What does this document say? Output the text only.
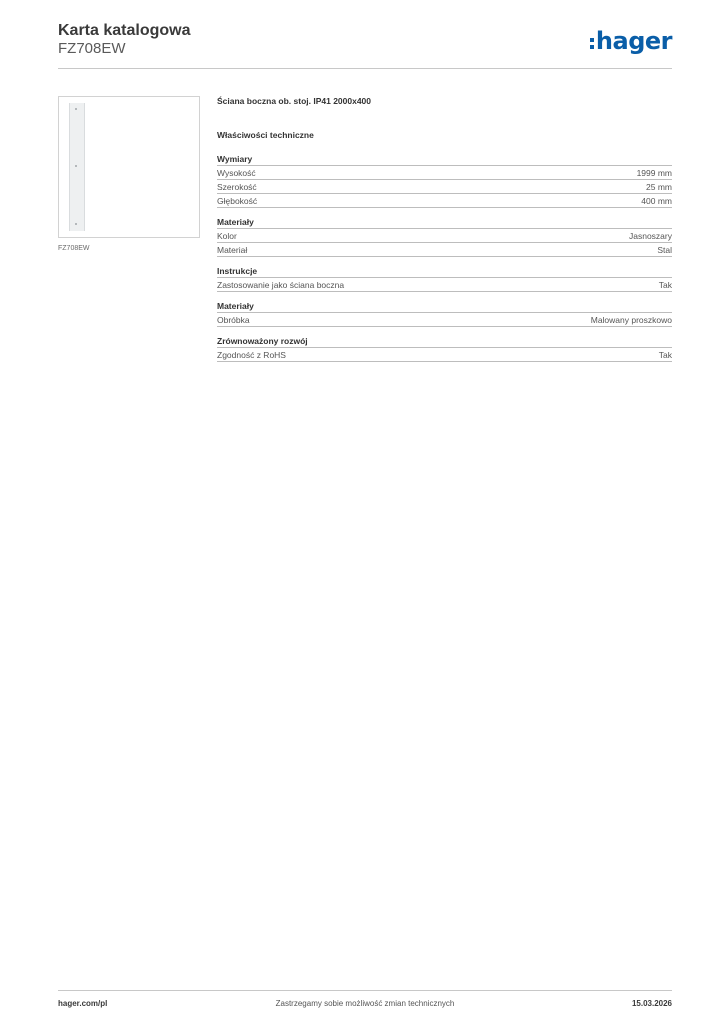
Karta katalogowa
FZ708EW	hager
FZ708EW
Ściana boczna ob. stoj. IP41 2000x400
Właściwości techniczne
Wymiary
Wysokość	1999 mm
Szerokość	25 mm
Głębokość	400 mm
Materiały
Kolor	Jasnoszary
Materiał	Stal
Instrukcje
Zastosowanie jako ściana boczna	Tak
Materiały
Obróbka	Malowany proszkowo
Zrównoważony rozwój
Zgodność z RoHS	Tak
hager.com/pl	Zastrzegamy sobie możliwość zmian technicznych	15.03.2026
